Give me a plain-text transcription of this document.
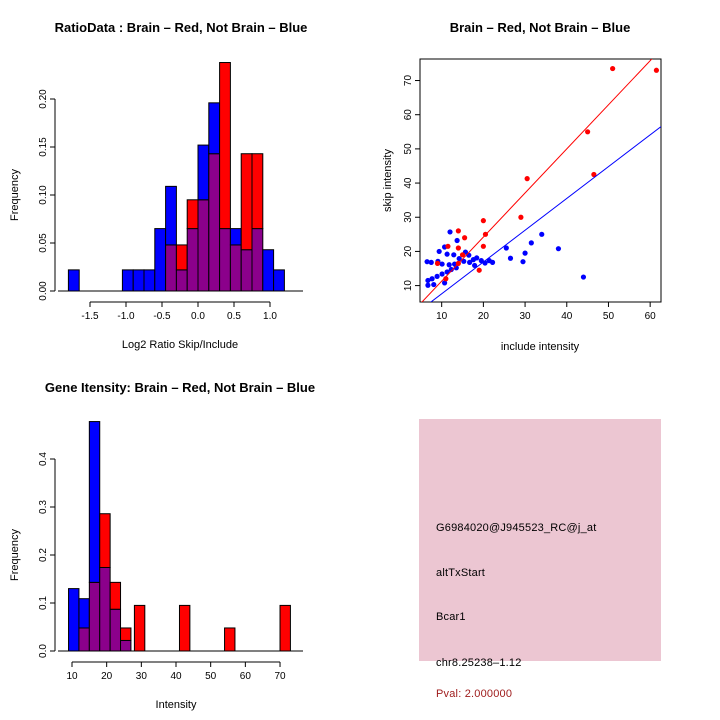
RatioData : Brain – Red, Not Brain – Blue
Frequency
Log2 Ratio Skip/Include
0.00
0.05
0.10
0.15
0.20
-1.5 -1.0 -0.5 0.0 0.5 1.0
Brain – Red, Not Brain – Blue
skip intensity
include intensity
10	20	30	40	50	60
10
20
30
40
50
60
70
Gene Itensity: Brain – Red, Not Brain – Blue
Frequency
Intensity
0.0
0.1
0.2
0.3
0.4
10 20 30 40 50 60 70
G6984020@J945523_RC@j_at
altTxStart
Bcar1
chr8.25238–1.12
Pval: 2.000000
